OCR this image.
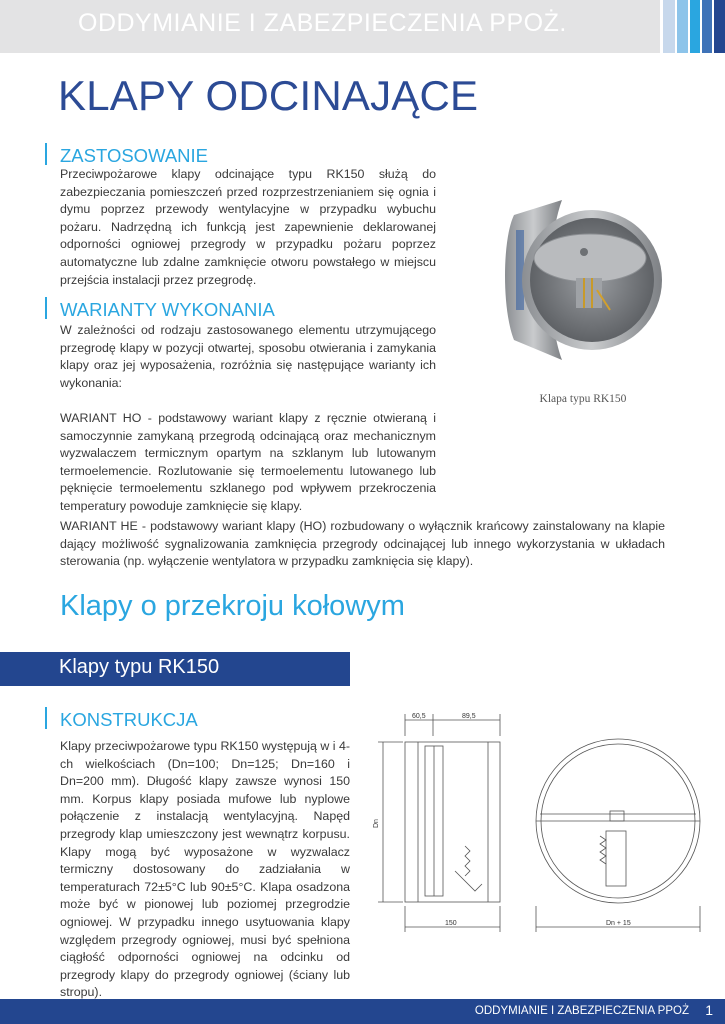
ODDYMIANIE I ZABEZPIECZENIA PPOŻ.
KLAPY ODCINAJĄCE
ZASTOSOWANIE
Przeciwpożarowe klapy odcinające typu RK150 służą do zabezpieczania pomieszczeń przed rozprzestrzenianiem się ognia i dymu poprzez przewody wentylacyjne w przypadku wybuchu pożaru. Nadrzędną ich funkcją jest zapewnienie deklarowanej odporności ogniowej przegrody w przypadku pożaru poprzez automatyczne lub zdalne zamknięcie otworu powstałego w miejscu przejścia instalacji przez przegrodę.
Klapa typu RK150
WARIANTY WYKONANIA
W zależności od rodzaju zastosowanego elementu utrzymującego przegrodę klapy w pozycji otwartej, sposobu otwierania i zamykania klapy oraz jej wyposażenia, rozróżnia się następujące warianty ich wykonania:
WARIANT HO - podstawowy wariant klapy z ręcznie otwieraną i samoczynnie zamykaną przegrodą odcinającą oraz mechanicznym wyzwalaczem termicznym opartym na szklanym lub lutowanym termoelemencie. Rozlutowanie się termoelementu lutowanego lub pęknięcie termoelementu szklanego pod wpływem przekroczenia temperatury powoduje zamknięcie się klapy.
WARIANT HE - podstawowy wariant klapy (HO) rozbudowany o wyłącznik krańcowy zainstalowany na klapie dający możliwość sygnalizowania zamknięcia przegrody odcinającej lub innego wykorzystania w układach sterowania (np. wyłączenie wentylatora w przypadku zamknięcia się klapy).
Klapy o przekroju kołowym
Klapy typu RK150
KONSTRUKCJA
Klapy przeciwpożarowe typu RK150 występują w i 4-ch wielkościach (Dn=100; Dn=125; Dn=160 i Dn=200 mm). Długość klapy zawsze wynosi 150 mm. Korpus klapy posiada mufowe lub nyplowe połączenie z instalacją wentylacyjną. Napęd przegrody klap umieszczony jest wewnątrz korpusu. Klapy mogą być wyposażone w wyzwalacz termiczny dostosowany do zadziałania w temperaturach 72±5°C lub 90±5°C. Klapa osadzona może być w pionowej lub poziomej przegrodzie ogniowej. W przypadku innego usytuowania klapy względem przegrody ogniowej, musi być spełniona ciągłość odporności ogniowej na odcinku od przegrody klapy do przegrody ogniowej (ściany lub stropu).
60,5	89,5
150
Dn
Dn + 15
ODDYMIANIE I ZABEZPIECZENIA PPOŻ 1
